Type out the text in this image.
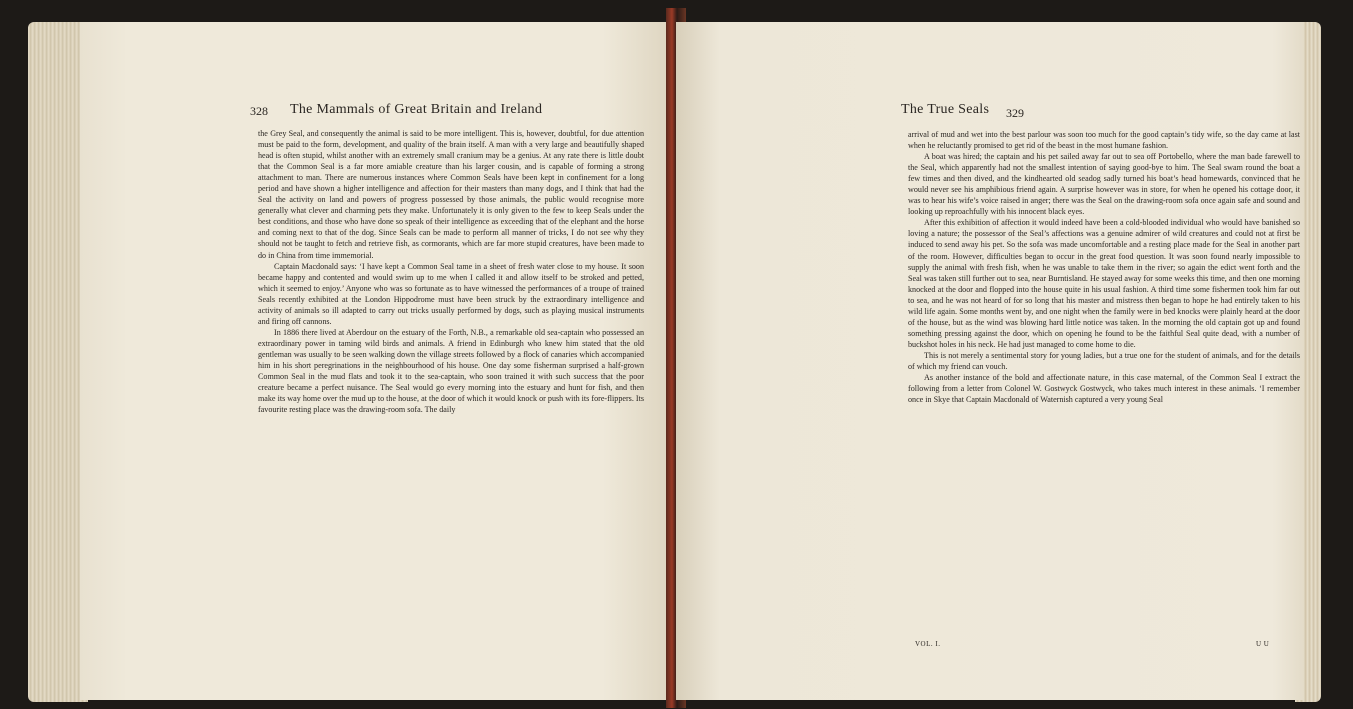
328 The Mammals of Great Britain and Ireland

the Grey Seal, and consequently the animal is said to be more intelligent. This is, however, doubtful, for due attention must be paid to the form, development, and quality of the brain itself. A man with a very large and beautifully shaped head is often stupid, whilst another with an extremely small cranium may be a genius. At any rate there is little doubt that the Common Seal is a far more amiable creature than his larger cousin, and is capable of forming a strong attachment to man. There are numerous instances where Common Seals have been kept in confinement for a long period and have shown a higher intelligence and affection for their masters than many dogs, and I think that had the Seal the activity on land and powers of progress possessed by those animals, the public would recognise more generally what clever and charming pets they make. Unfortunately it is only given to the few to keep Seals under the best conditions, and those who have done so speak of their intelligence as exceeding that of the elephant and the horse and coming next to that of the dog. Since Seals can be made to perform all manner of tricks, I do not see why they should not be taught to fetch and retrieve fish, as cormorants, which are far more stupid creatures, have been made to do in China from time immemorial.

Captain Macdonald says: ‘I have kept a Common Seal tame in a sheet of fresh water close to my house. It soon became happy and contented and would swim up to me when I called it and allow itself to be stroked and petted, which it seemed to enjoy.’ Anyone who was so fortunate as to have witnessed the performances of a troupe of trained Seals recently exhibited at the London Hippodrome must have been struck by the extraordinary intelligence and activity of animals so ill adapted to carry out tricks usually performed by dogs, such as playing musical instruments and firing off cannons.

In 1886 there lived at Aberdour on the estuary of the Forth, N.B., a remarkable old sea-captain who possessed an extraordinary power in taming wild birds and animals. A friend in Edinburgh who knew him stated that the old gentleman was usually to be seen walking down the village streets followed by a flock of canaries which accompanied him in his short peregrinations in the neighbourhood of his house. One day some fisherman surprised a half-grown Common Seal in the mud flats and took it to the sea-captain, who soon trained it with such success that the poor creature became a perfect nuisance. The Seal would go every morning into the estuary and hunt for fish, and then make its way home over the mud up to the house, at the door of which it would knock or push with its fore-flippers. Its favourite resting place was the drawing-room sofa. The daily

The True Seals 329

arrival of mud and wet into the best parlour was soon too much for the good captain’s tidy wife, so the day came at last when he reluctantly promised to get rid of the beast in the most humane fashion.

A boat was hired; the captain and his pet sailed away far out to sea off Portobello, where the man bade farewell to the Seal, which apparently had not the smallest intention of saying good-bye to him. The Seal swam round the boat a few times and then dived, and the kindhearted old seadog sadly turned his boat’s head homewards, convinced that he would never see his amphibious friend again. A surprise however was in store, for when he opened his cottage door, it was to hear his wife’s voice raised in anger; there was the Seal on the drawing-room sofa once again safe and sound and looking up reproachfully with his innocent black eyes.

After this exhibition of affection it would indeed have been a cold-blooded individual who would have banished so loving a nature; the possessor of the Seal’s affections was a genuine admirer of wild creatures and could not at first be induced to send away his pet. So the sofa was made uncomfortable and a resting place made for the Seal in another part of the room. However, difficulties began to occur in the great food question. It was soon found nearly impossible to supply the animal with fresh fish, when he was unable to take them in the river; so again the edict went forth and the Seal was taken still further out to sea, near Burntisland. He stayed away for some weeks this time, and then one morning knocked at the door and flopped into the house quite in his usual fashion. A third time some fishermen took him far out to sea, and he was not heard of for so long that his master and mistress then began to hope he had entirely taken to his wild life again. Some months went by, and one night when the family were in bed knocks were plainly heard at the door of the house, but as the wind was blowing hard little notice was taken. In the morning the old captain got up and found something pressing against the door, which on opening he found to be the faithful Seal quite dead, with a number of buckshot holes in his neck. He had just managed to come home to die.

This is not merely a sentimental story for young ladies, but a true one for the student of animals, and for the details of which my friend can vouch.

As another instance of the bold and affectionate nature, in this case maternal, of the Common Seal I extract the following from a letter from Colonel W. Gostwyck Gostwyck, who takes much interest in these animals. ‘I remember once in Skye that Captain Macdonald of Waternish captured a very young Seal

VOL. I.	U U
